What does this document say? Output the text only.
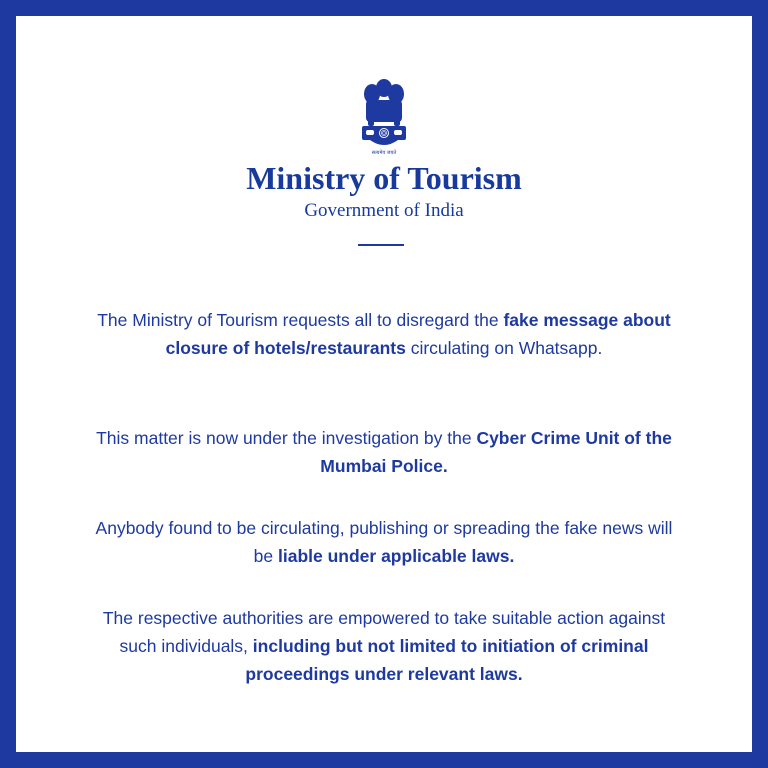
सत्यमेव जयते
Ministry of Tourism
Government of India
The Ministry of Tourism requests all to disregard the fake message about closure of hotels/restaurants circulating on Whatsapp.
This matter is now under the investigation by the Cyber Crime Unit of the Mumbai Police.
Anybody found to be circulating, publishing or spreading the fake news will be liable under applicable laws.
The respective authorities are empowered to take suitable action against such individuals, including but not limited to initiation of criminal proceedings under relevant laws.
